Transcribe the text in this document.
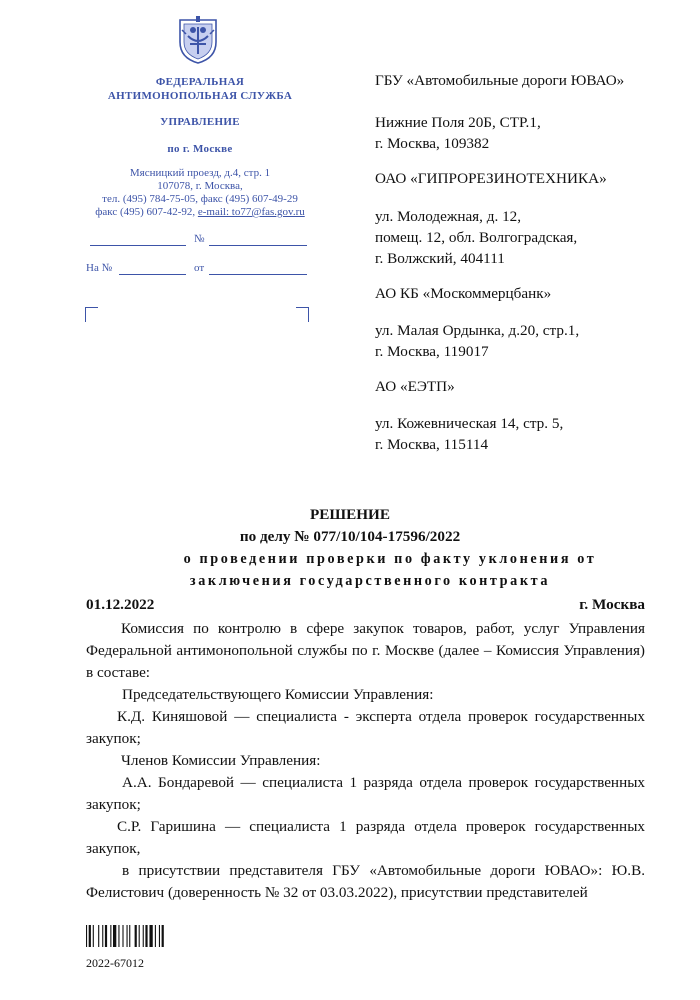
ФЕДЕРАЛЬНАЯ
АНТИМОНОПОЛЬНАЯ СЛУЖБА
УПРАВЛЕНИЕ
по г. Москве
Мясницкий проезд, д.4, стр. 1
107078, г. Москва,
тел. (495) 784-75-05, факс (495) 607-49-29
факс (495) 607-42-92, e-mail: to77@fas.gov.ru
№
На №	от
ГБУ «Автомобильные дороги ЮВАО»
Нижние Поля 20Б, СТР.1,
г. Москва, 109382
ОАО «ГИПРОРЕЗИНОТЕХНИКА»
ул. Молодежная, д. 12,
помещ. 12, обл. Волгоградская,
г. Волжский, 404111
АО КБ «Москоммерцбанк»
ул. Малая Ордынка, д.20, стр.1,
г. Москва, 119017
АО «ЕЭТП»
ул. Кожевническая 14, стр. 5,
г. Москва, 115114
РЕШЕНИЕ
по делу № 077/10/104-17596/2022
о проведении проверки по факту уклонения от
заключения государственного контракта
01.12.2022	г. Москва
Комиссия по контролю в сфере закупок товаров, работ, услуг Управления Федеральной антимонопольной службы по г. Москве (далее – Комиссия Управления) в составе:
Председательствующего Комиссии Управления:
К.Д. Киняшовой — специалиста - эксперта отдела проверок государственных закупок;
Членов Комиссии Управления:
А.А. Бондаревой — специалиста 1 разряда отдела проверок государственных закупок;
С.Р. Гаришина — специалиста 1 разряда отдела проверок государственных закупок,
в присутствии представителя ГБУ «Автомобильные дороги ЮВАО»: Ю.В. Фелистович (доверенность № 32 от 03.03.2022), присутствии представителей
2022-67012
